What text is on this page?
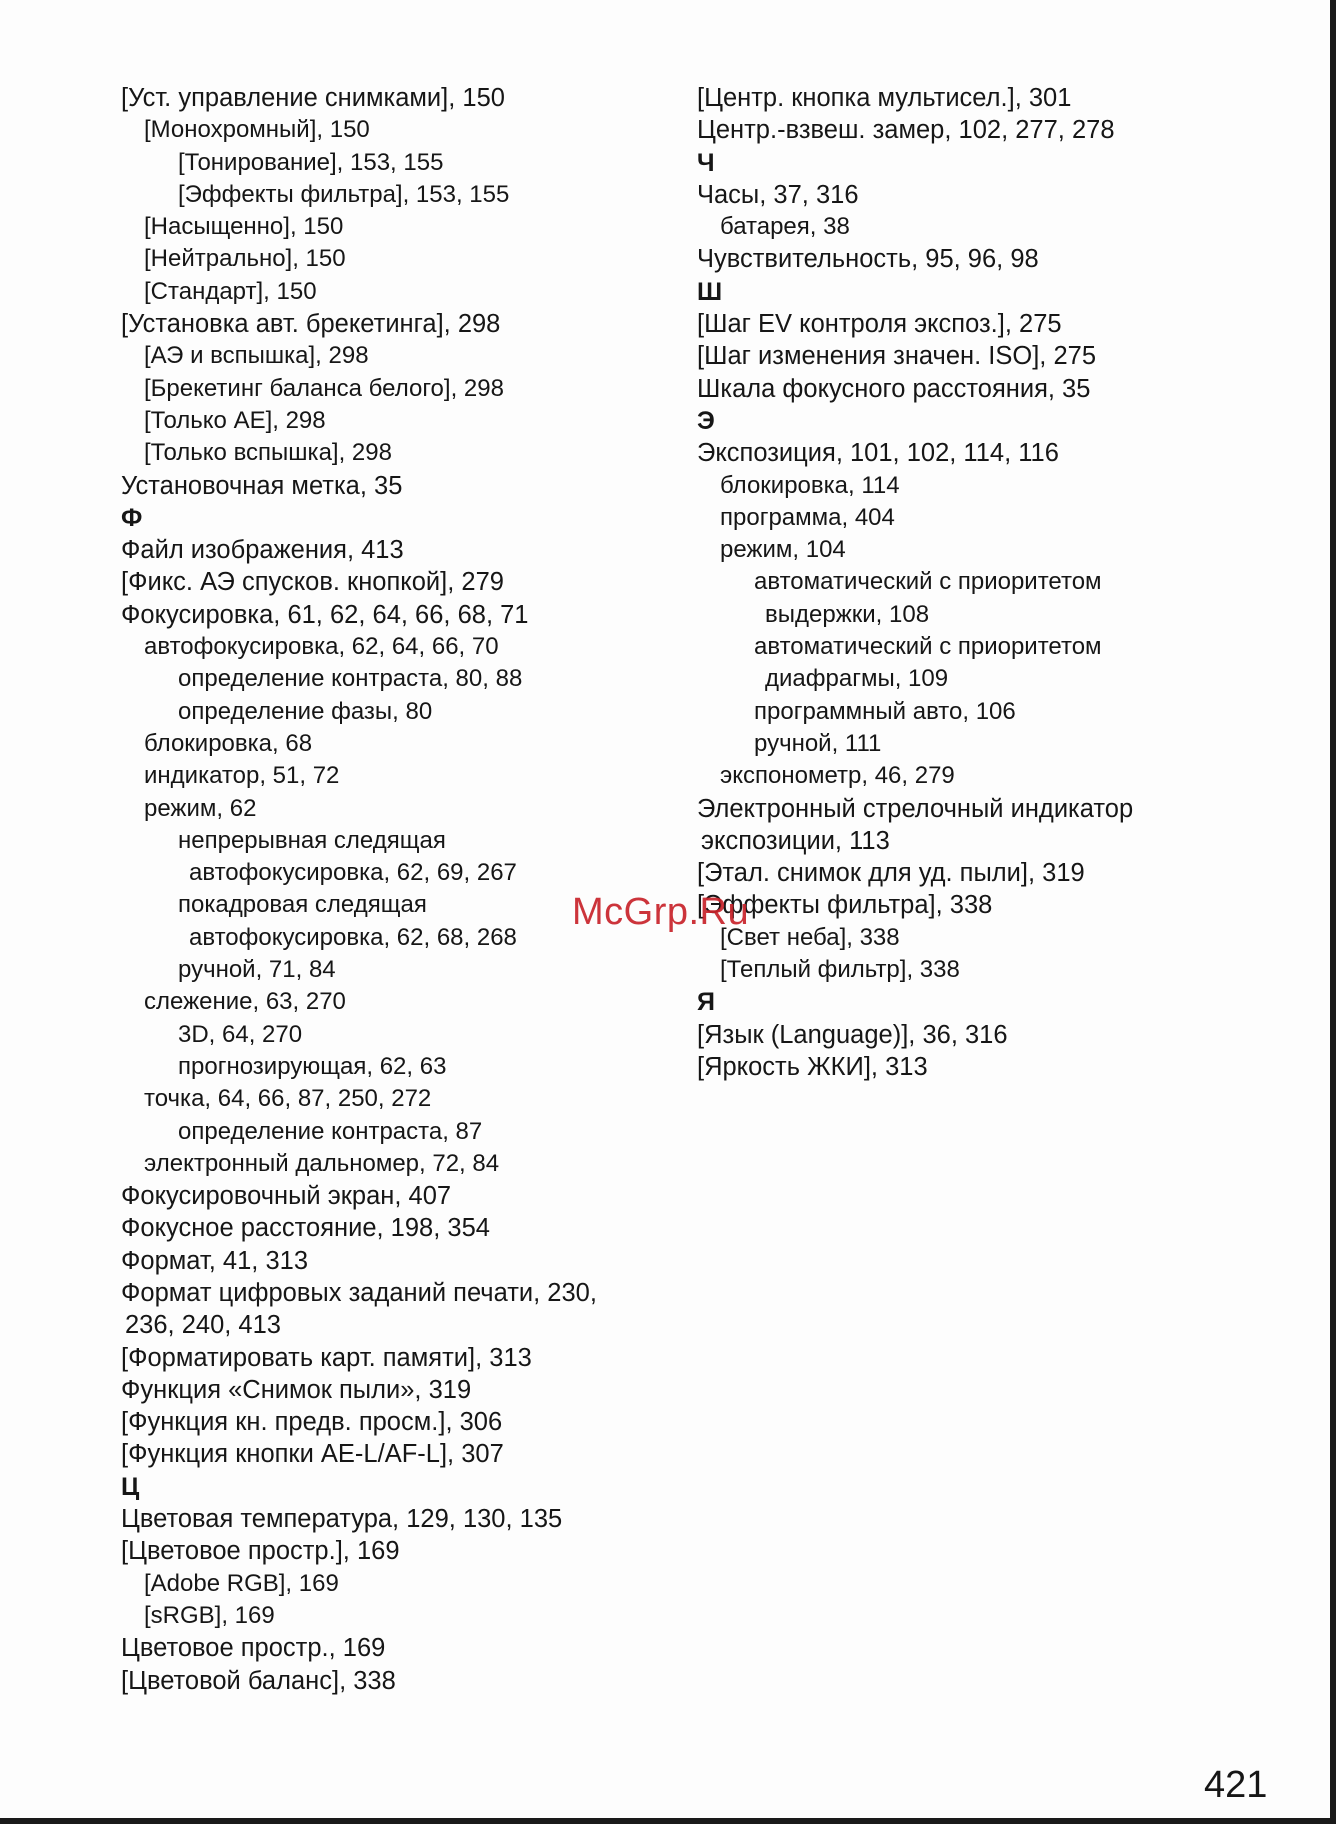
[Уст. управление снимками], 150
[Монохромный], 150
[Тонирование], 153, 155
[Эффекты фильтра], 153, 155
[Насыщенно], 150
[Нейтрально], 150
[Стандарт], 150
[Установка авт. брекетинга], 298
[АЭ и вспышка], 298
[Брекетинг баланса белого], 298
[Только AE], 298
[Только вспышка], 298
Установочная метка, 35
Ф
Файл изображения, 413
[Фикс. АЭ спусков. кнопкой], 279
Фокусировка, 61, 62, 64, 66, 68, 71
автофокусировка, 62, 64, 66, 70
определение контраста, 80, 88
определение фазы, 80
блокировка, 68
индикатор, 51, 72
режим, 62
непрерывная следящая
автофокусировка, 62, 69, 267
покадровая следящая
автофокусировка, 62, 68, 268
ручной, 71, 84
слежение, 63, 270
3D, 64, 270
прогнозирующая, 62, 63
точка, 64, 66, 87, 250, 272
определение контраста, 87
электронный дальномер, 72, 84
Фокусировочный экран, 407
Фокусное расстояние, 198, 354
Формат, 41, 313
Формат цифровых заданий печати, 230,
236, 240, 413
[Форматировать карт. памяти], 313
Функция «Снимок пыли», 319
[Функция кн. предв. просм.], 306
[Функция кнопки AE-L/AF-L], 307
Ц
Цветовая температура, 129, 130, 135
[Цветовое простр.], 169
[Adobe RGB], 169
[sRGB], 169
Цветовое простр., 169
[Цветовой баланс], 338
[Центр. кнопка мультисел.], 301
Центр.-взвеш. замер, 102, 277, 278
Ч
Часы, 37, 316
батарея, 38
Чувствительность, 95, 96, 98
Ш
[Шаг EV контроля экспоз.], 275
[Шаг изменения значен. ISO], 275
Шкала фокусного расстояния, 35
Э
Экспозиция, 101, 102, 114, 116
блокировка, 114
программа, 404
режим, 104
автоматический с приоритетом
выдержки, 108
автоматический с приоритетом
диафрагмы, 109
программный авто, 106
ручной, 111
экспонометр, 46, 279
Электронный стрелочный индикатор
экспозиции, 113
[Этал. снимок для уд. пыли], 319
[Эффекты фильтра], 338
[Свет неба], 338
[Теплый фильтр], 338
Я
[Язык (Language)], 36, 316
[Яркость ЖКИ], 313
McGrp.Ru
421
